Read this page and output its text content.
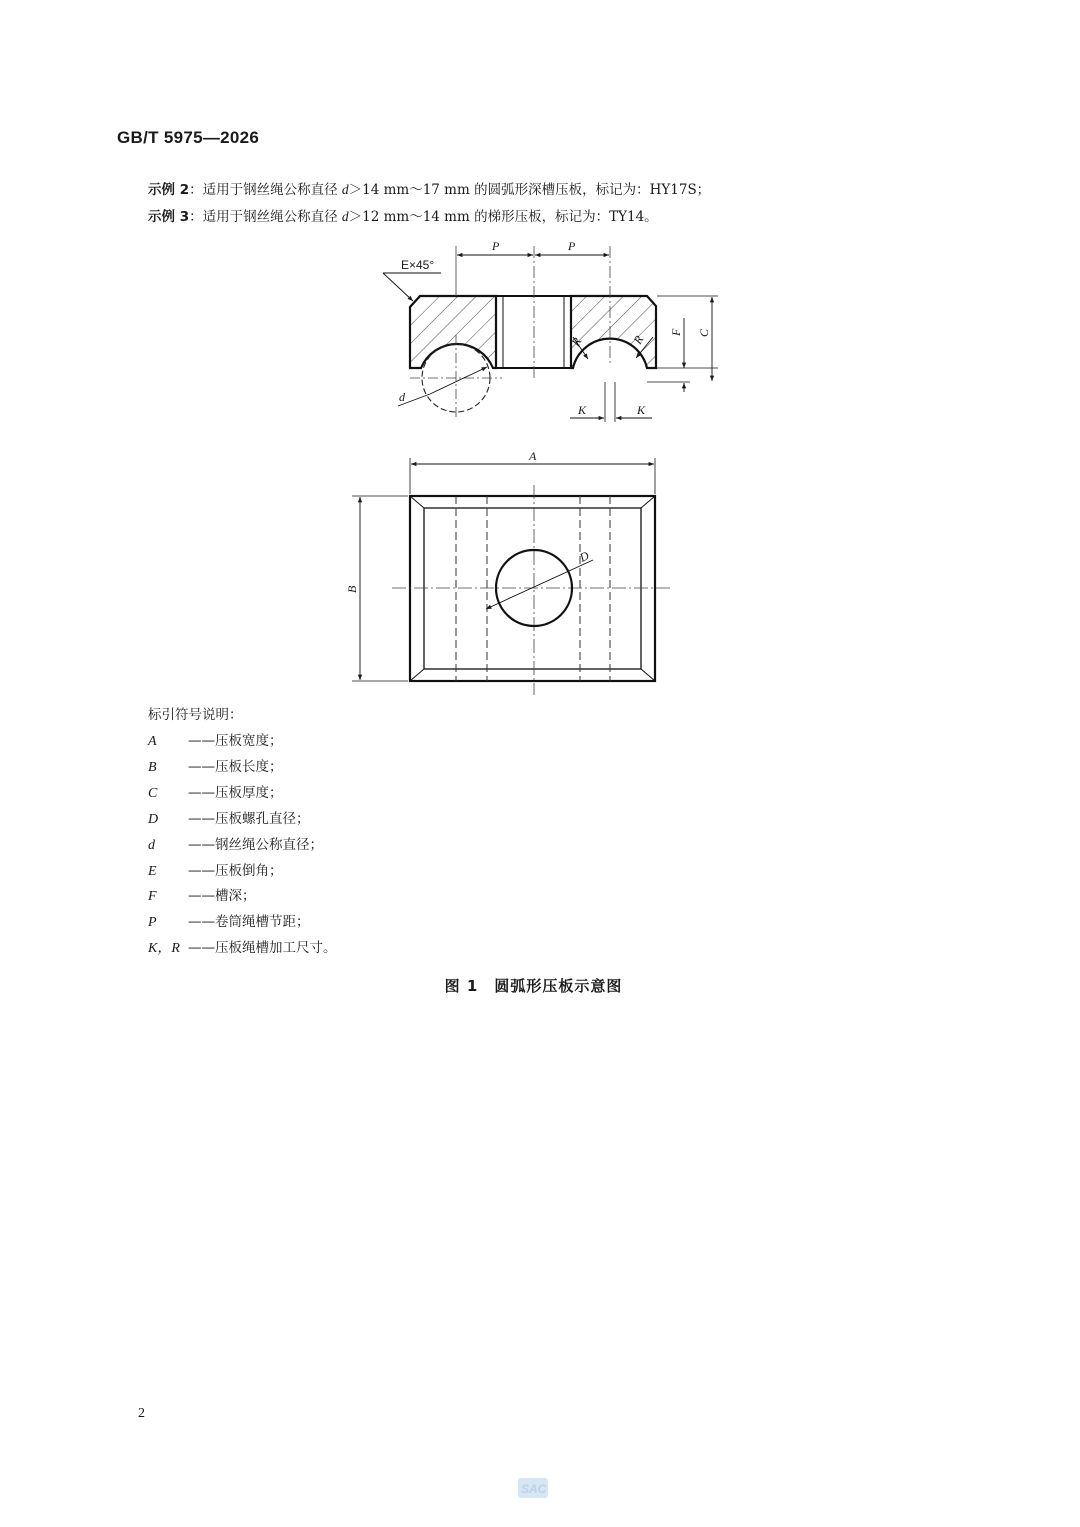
GB/T 5975—2026
示例 2：适用于钢丝绳公称直径 d＞14 mm～17 mm 的圆弧形深槽压板，标记为：HY17S；
示例 3：适用于钢丝绳公称直径 d＞12 mm～14 mm 的梯形压板，标记为：TY14。
d
P	P
E×45°
R	R
C
F
K	K
D
A
B
SAC
标引符号说明：
A ——压板宽度；
B ——压板长度；
C ——压板厚度；
D ——压板螺孔直径；
d ——钢丝绳公称直径；
E ——压板倒角；
F ——槽深；
P ——卷筒绳槽节距；
K，R ——压板绳槽加工尺寸。
图 1　圆弧形压板示意图
2
